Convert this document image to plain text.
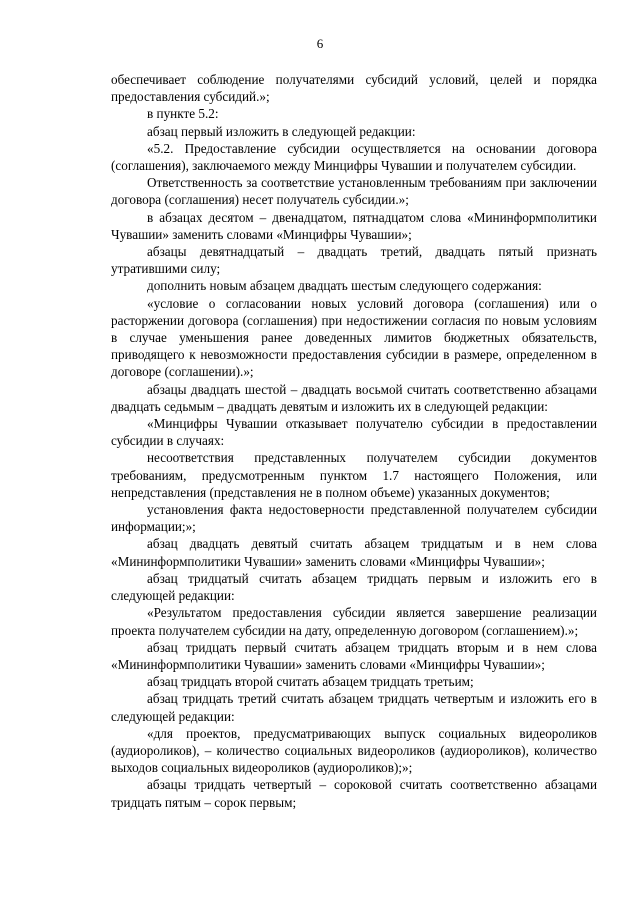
6

обеспечивает соблюдение получателями субсидий условий, целей и порядка предоставления субсидий.»;

в пункте 5.2:

абзац первый изложить в следующей редакции:

«5.2. Предоставление субсидии осуществляется на основании договора (соглашения), заключаемого между Минцифры Чувашии и получателем субсидии.

Ответственность за соответствие установленным требованиям при заключении договора (соглашения) несет получатель субсидии.»;

в абзацах десятом – двенадцатом, пятнадцатом слова «Мининформполитики Чувашии» заменить словами «Минцифры Чувашии»;

абзацы девятнадцатый – двадцать третий, двадцать пятый признать утратившими силу;

дополнить новым абзацем двадцать шестым следующего содержания:

«условие о согласовании новых условий договора (соглашения) или о расторжении договора (соглашения) при недостижении согласия по новым условиям в случае уменьшения ранее доведенных лимитов бюджетных обязательств, приводящего к невозможности предоставления субсидии в размере, определенном в договоре (соглашении).»;

абзацы двадцать шестой – двадцать восьмой считать соответственно абзацами двадцать седьмым – двадцать девятым и изложить их в следующей редакции:

«Минцифры Чувашии отказывает получателю субсидии в предоставлении субсидии в случаях:

несоответствия представленных получателем субсидии документов требованиям, предусмотренным пунктом 1.7 настоящего Положения, или непредставления (представления не в полном объеме) указанных документов;

установления факта недостоверности представленной получателем субсидии информации;»;

абзац двадцать девятый считать абзацем тридцатым и в нем слова «Мининформполитики Чувашии» заменить словами «Минцифры Чувашии»;

абзац тридцатый считать абзацем тридцать первым и изложить его в следующей редакции:

«Результатом предоставления субсидии является завершение реализации проекта получателем субсидии на дату, определенную договором (соглашением).»;

абзац тридцать первый считать абзацем тридцать вторым и в нем слова «Мининформполитики Чувашии» заменить словами «Минцифры Чувашии»;

абзац тридцать второй считать абзацем тридцать третьим;

абзац тридцать третий считать абзацем тридцать четвертым и изложить его в следующей редакции:

«для проектов, предусматривающих выпуск социальных видеороликов (аудиороликов), – количество социальных видеороликов (аудиороликов), количество выходов социальных видеороликов (аудиороликов);»;

абзацы тридцать четвертый – сороковой считать соответственно абзацами тридцать пятым – сорок первым;
